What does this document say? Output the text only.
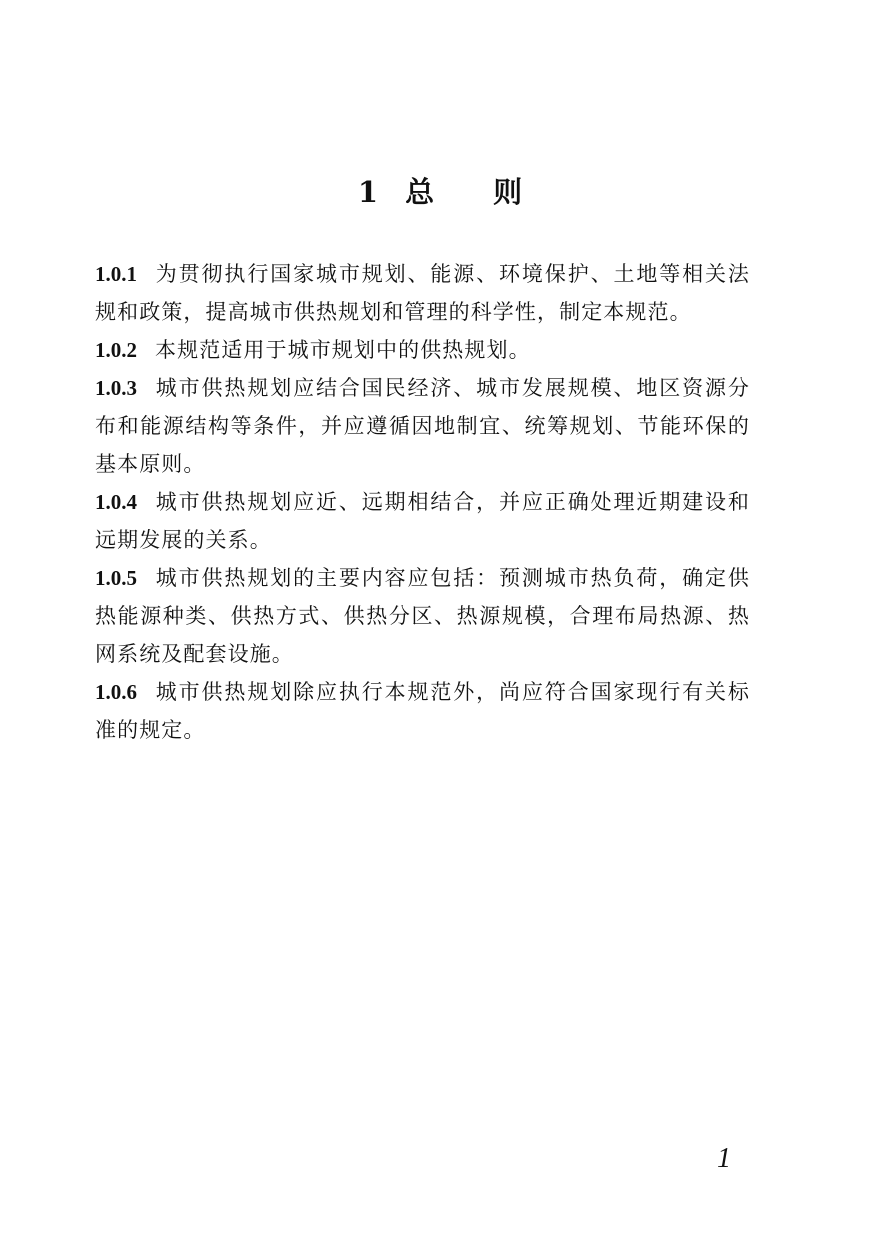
1 总 则

1.0.1 为贯彻执行国家城市规划、能源、环境保护、土地等相关法规和政策，提高城市供热规划和管理的科学性，制定本规范。

1.0.2 本规范适用于城市规划中的供热规划。

1.0.3 城市供热规划应结合国民经济、城市发展规模、地区资源分布和能源结构等条件，并应遵循因地制宜、统筹规划、节能环保的基本原则。

1.0.4 城市供热规划应近、远期相结合，并应正确处理近期建设和远期发展的关系。

1.0.5 城市供热规划的主要内容应包括：预测城市热负荷，确定供热能源种类、供热方式、供热分区、热源规模，合理布局热源、热网系统及配套设施。

1.0.6 城市供热规划除应执行本规范外，尚应符合国家现行有关标准的规定。

1
